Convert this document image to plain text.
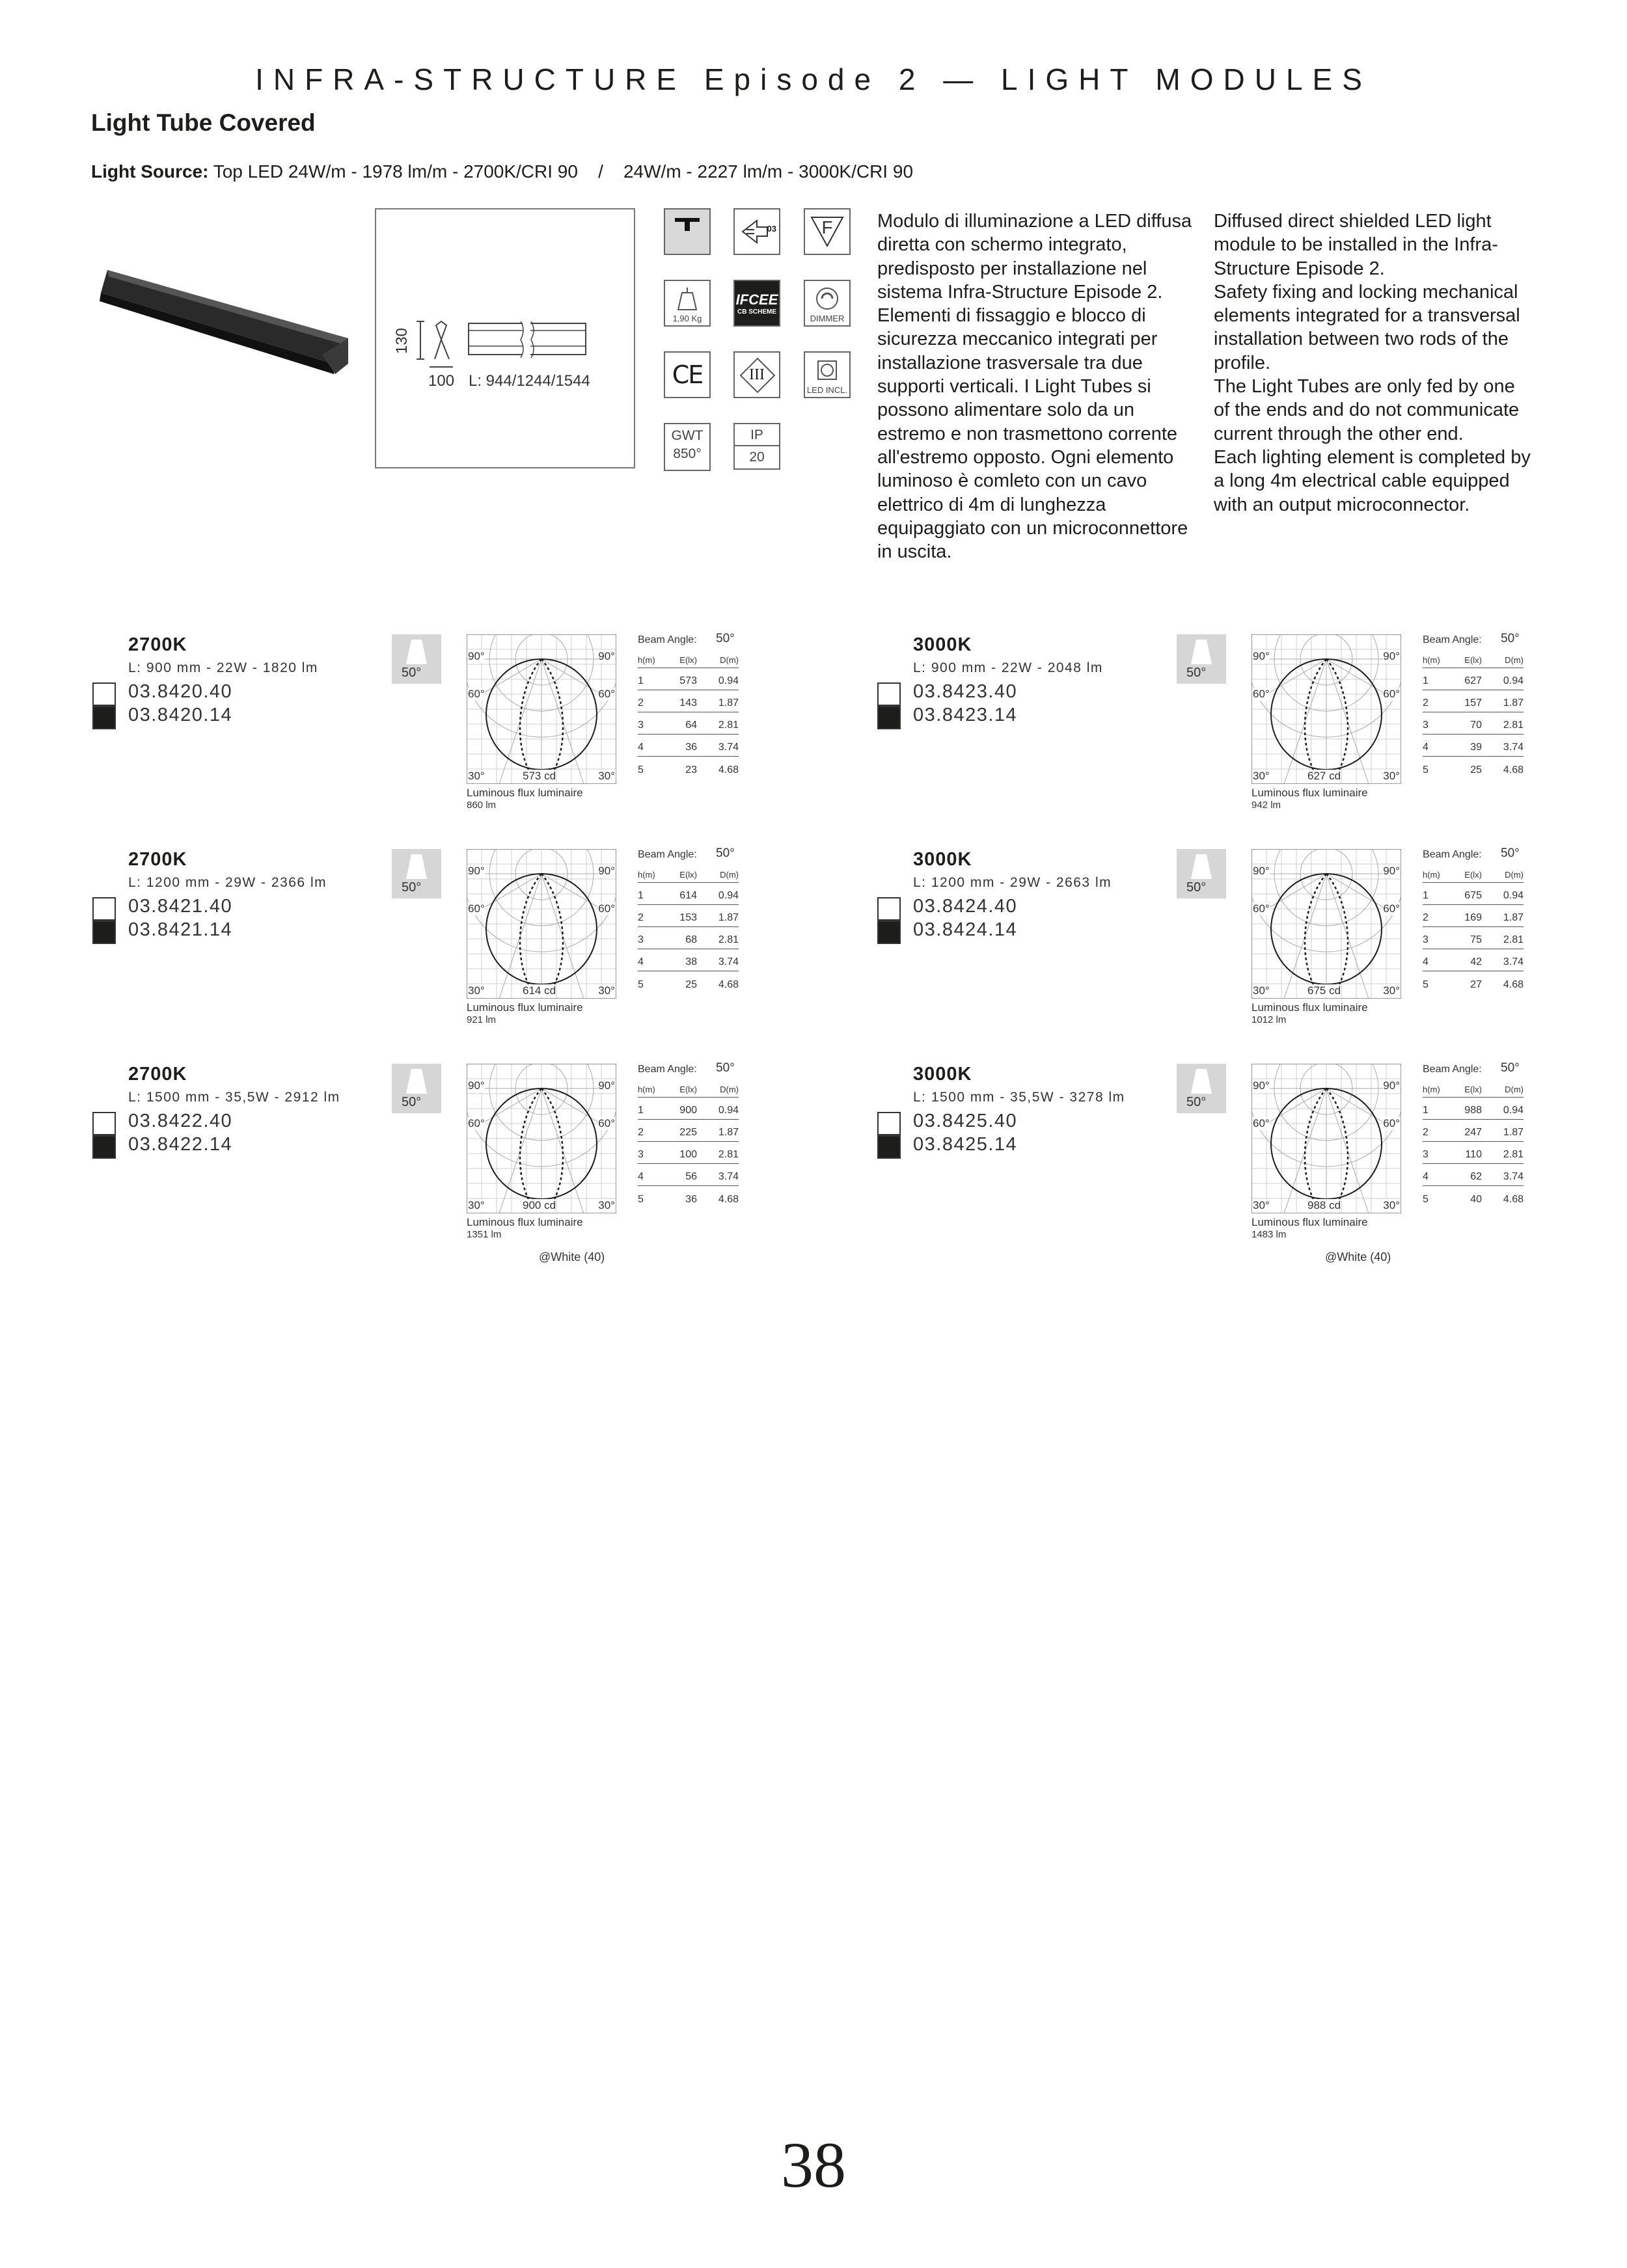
INFRA-STRUCTURE Episode 2 — LIGHT MODULES
Light Tube Covered
Light Source: Top LED 24W/m - 1978 lm/m - 2700K/CRI 90    /    24W/m - 2227 lm/m - 3000K/CRI 90
130
100 L: 944/1244/1544
03 F
1,90 Kg
IFCEE
CB SCHEME
DIMMER
CE	III
LED INCL.
GWT
850°
IP
20
Modulo di illuminazione a LED diffusa diretta con schermo integrato, predisposto per installazione nel sistema Infra-Structure Episode 2. Elementi di fissaggio e blocco di sicurezza meccanico integrati per installazione trasversale tra due supporti verticali. I Light Tubes si possono alimentare solo da un estremo e non trasmettono corrente all'estremo opposto. Ogni elemento luminoso è comleto con un cavo elettrico di 4m di lunghezza equipaggiato con un microconnettore in uscita.
Diffused direct shielded LED light module to be installed in the Infra-Structure Episode 2.
Safety fixing and locking mechanical elements integrated for a transversal installation between two rods of the profile.
The Light Tubes are only fed by one of the ends and do not communicate current through the other end.
Each lighting element is completed by a long 4m electrical cable equipped with an output microconnector.
2700K
L: 900 mm - 22W - 1820 lm
03.8420.40
03.8420.14
50°
90°	90°
60°	60°
30°	30°
573 cd
Luminous flux luminaire
860 lm
Beam Angle: 50°
h(m)	E(lx)	D(m)
1	573 0.94
2	143 1.87
3	64 2.81
4	36 3.74
5	23 4.68
3000K
L: 900 mm - 22W - 2048 lm
03.8423.40
03.8423.14
50°
90°	90°
60°	60°
30°	30°
627 cd
Luminous flux luminaire
942 lm
Beam Angle: 50°
h(m)	E(lx)	D(m)
1	627 0.94
2	157 1.87
3	70 2.81
4	39 3.74
5	25 4.68
2700K
L: 1200 mm - 29W - 2366 lm
03.8421.40
03.8421.14
50°
90°	90°
60°	60°
30°	30°
614 cd
Luminous flux luminaire
921 lm
Beam Angle: 50°
h(m)	E(lx)	D(m)
1	614 0.94
2	153 1.87
3	68 2.81
4	38 3.74
5	25 4.68
3000K
L: 1200 mm - 29W - 2663 lm
03.8424.40
03.8424.14
50°
90°	90°
60°	60°
30°	30°
675 cd
Luminous flux luminaire
1012 lm
Beam Angle: 50°
h(m)	E(lx)	D(m)
1	675 0.94
2	169 1.87
3	75 2.81
4	42 3.74
5	27 4.68
2700K
L: 1500 mm - 35,5W - 2912 lm
03.8422.40
03.8422.14
50°
90°	90°
60°	60°
30°	30°
900 cd
Luminous flux luminaire
1351 lm
Beam Angle: 50°
h(m)	E(lx)	D(m)
1	900 0.94
2	225 1.87
3	100 2.81
4	56 3.74
5	36 4.68
3000K
L: 1500 mm - 35,5W - 3278 lm
03.8425.40
03.8425.14
50°
90°	90°
60°	60°
30°	30°
988 cd
Luminous flux luminaire
1483 lm
Beam Angle: 50°
h(m)	E(lx)	D(m)
1	988 0.94
2	247 1.87
3	110 2.81
4	62 3.74
5	40 4.68
@White (40)	@White (40)
38
